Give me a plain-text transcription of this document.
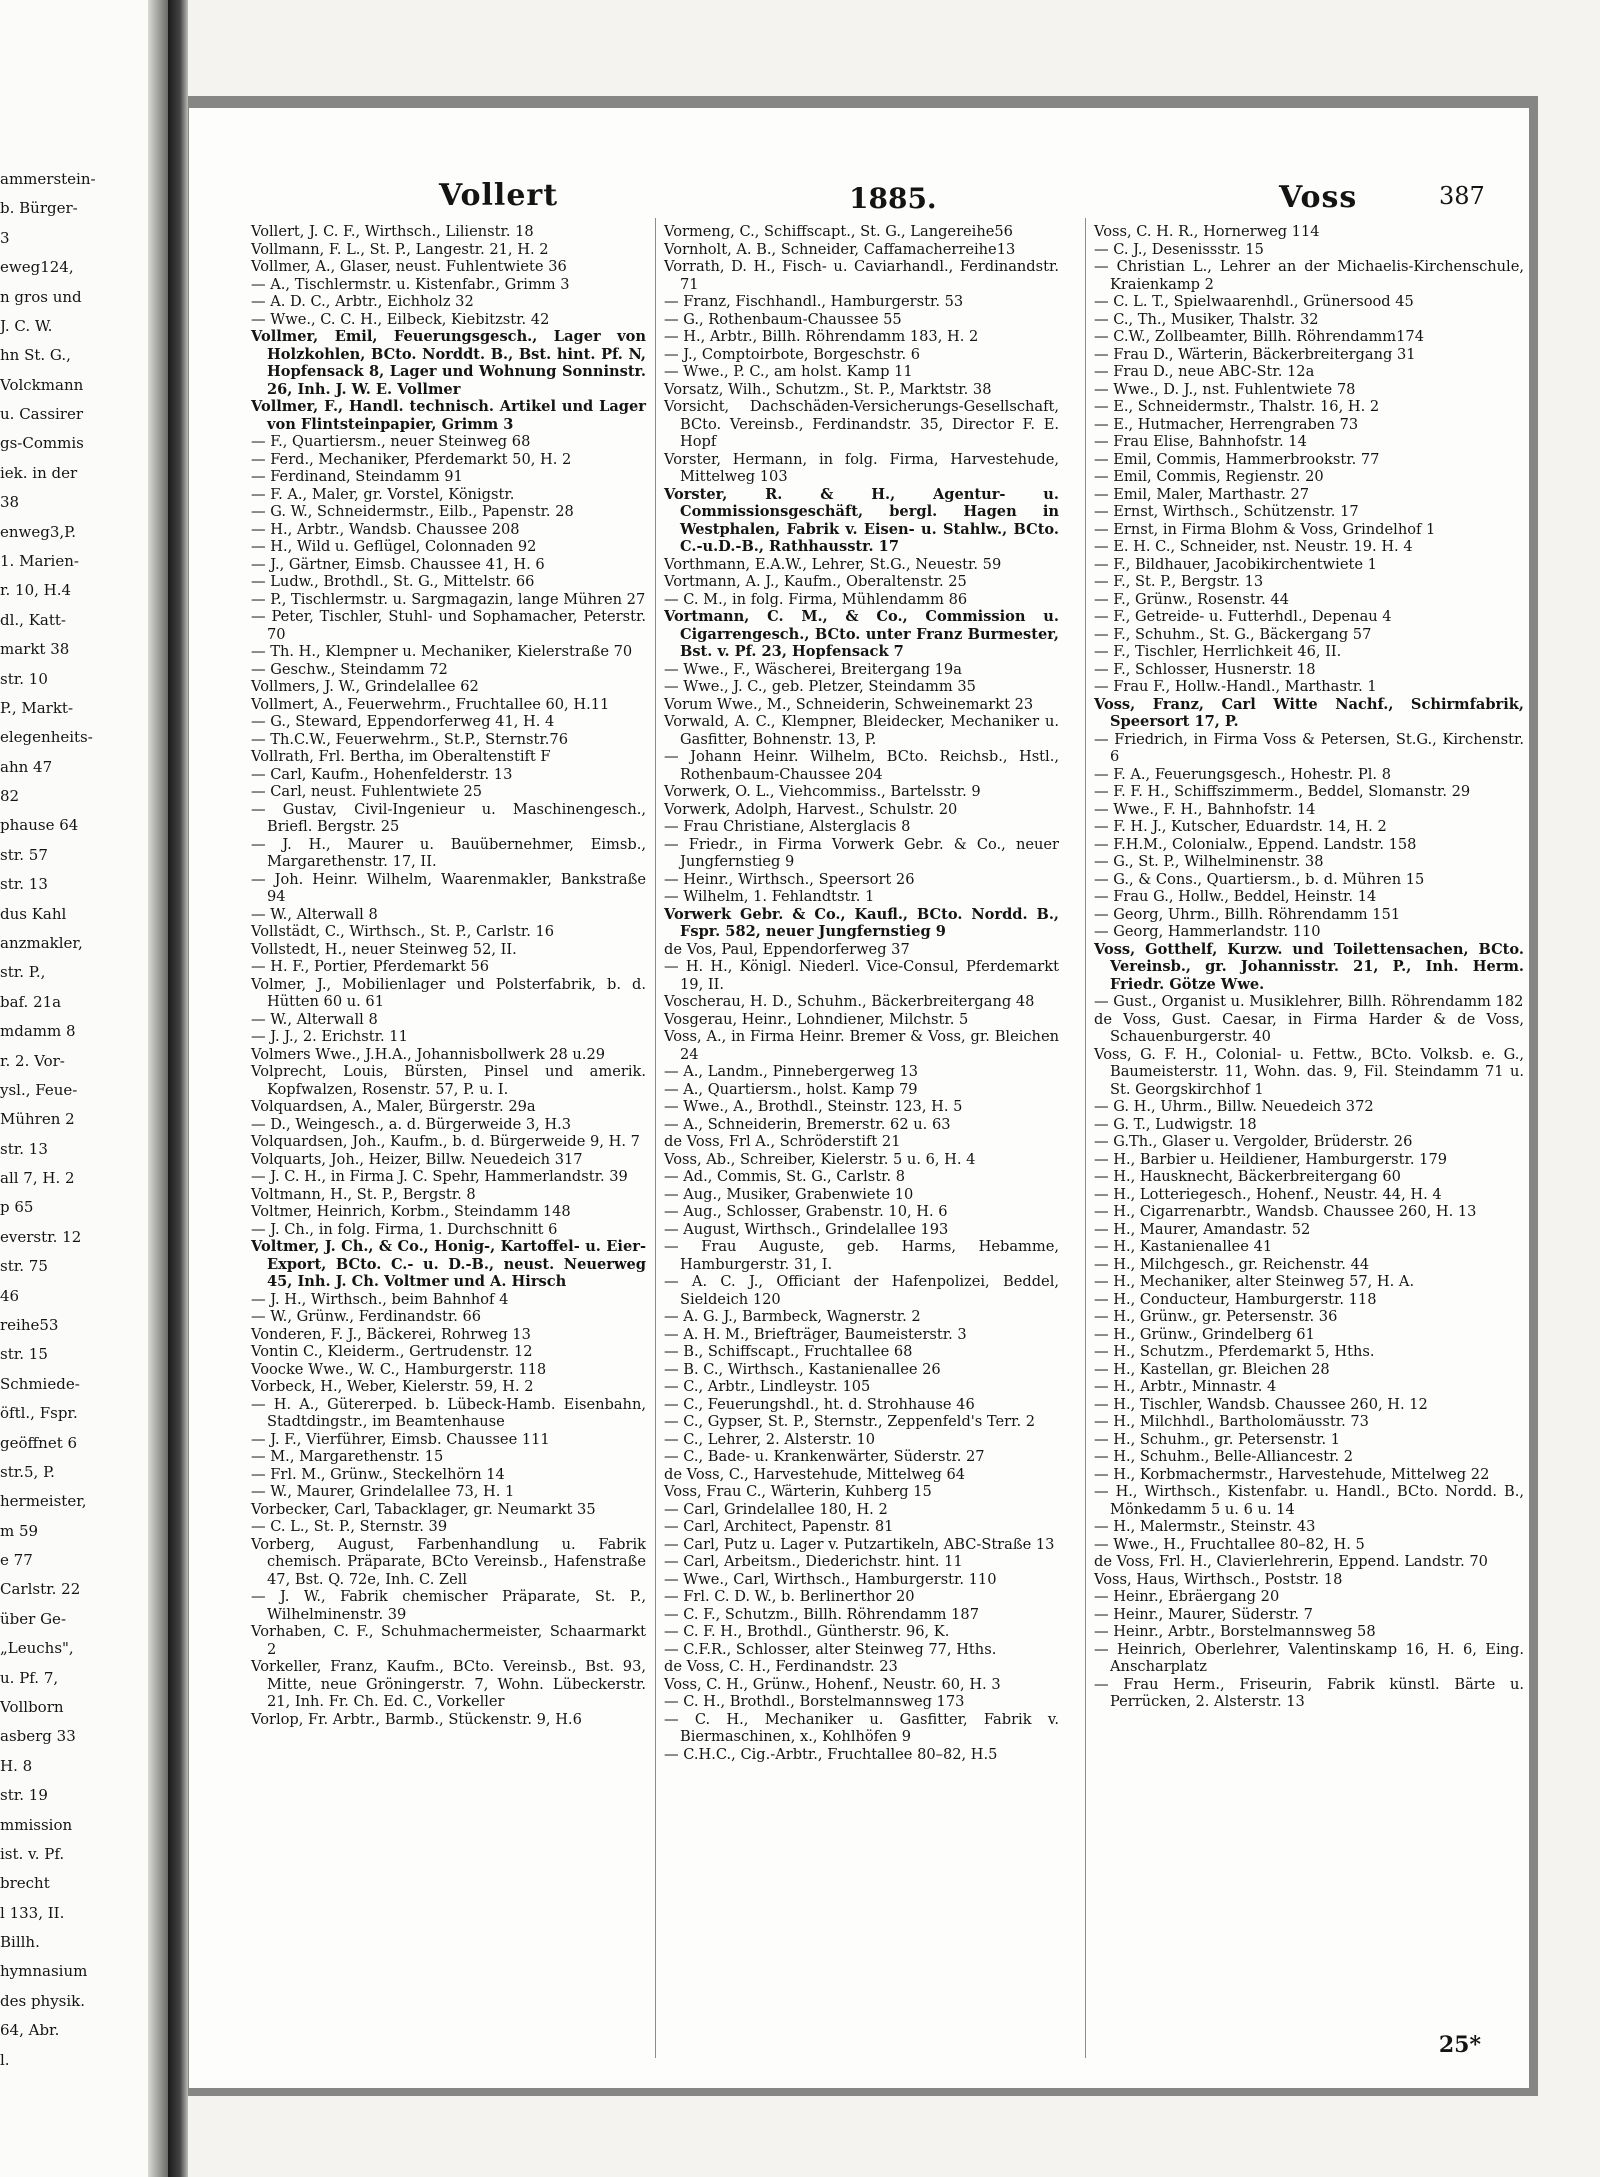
ammerstein-
b. Bürger-
3
eweg124,
n gros und
J. C. W.
hn St. G.,
Volckmann
u. Cassirer
gs-Commis
iek. in der
38
enweg3,P.
1. Marien-
r. 10, H.4
dl., Katt-
markt 38
str. 10
P., Markt-
elegenheits-
ahn 47
82
phause 64
str. 57
str. 13
dus Kahl
anzmakler,
str. P.,
baf. 21a
mdamm 8
r. 2. Vor-
ysl., Feue-
Mühren 2
str. 13
all 7, H. 2
p 65
everstr. 12
str. 75
46
reihe53
str. 15
Schmiede-
öftl., Fspr.
geöffnet 6
str.5, P.
hermeister,
m 59
e 77
Carlstr. 22
über Ge-
„Leuchs",
u. Pf. 7,
Vollborn
asberg 33
H. 8
str. 19
mmission
ist. v. Pf.
brecht
l 133, II.
Billh.
hymnasium
des physik.
64, Abr.
l.
Vollert	1885.	Voss	387

Vollert, J. C. F., Wirthsch., Lilienstr. 18

Vollmann, F. L., St. P., Langestr. 21, H. 2

Vollmer, A., Glaser, neust. Fuhlentwiete 36

— A., Tischlermstr. u. Kistenfabr., Grimm 3

— A. D. C., Arbtr., Eichholz 32

— Wwe., C. C. H., Eilbeck, Kiebitzstr. 42

Vollmer, Emil, Feuerungsgesch., Lager von Holzkohlen, BCto. Norddt. B., Bst. hint. Pf. N, Hopfensack 8, Lager und Wohnung Sonninstr. 26, Inh. J. W. E. Vollmer

Vollmer, F., Handl. technisch. Artikel und Lager von Flintsteinpapier, Grimm 3

— F., Quartiersm., neuer Steinweg 68

— Ferd., Mechaniker, Pferdemarkt 50, H. 2

— Ferdinand, Steindamm 91

— F. A., Maler, gr. Vorstel, Königstr.

— G. W., Schneidermstr., Eilb., Papenstr. 28

— H., Arbtr., Wandsb. Chaussee 208

— H., Wild u. Geflügel, Colonnaden 92

— J., Gärtner, Eimsb. Chaussee 41, H. 6

— Ludw., Brothdl., St. G., Mittelstr. 66

— P., Tischlermstr. u. Sargmagazin, lange Mühren 27

— Peter, Tischler, Stuhl- und Sophamacher, Peterstr. 70

— Th. H., Klempner u. Mechaniker, Kielerstraße 70

— Geschw., Steindamm 72

Vollmers, J. W., Grindelallee 62

Vollmert, A., Feuerwehrm., Fruchtallee 60, H.11

— G., Steward, Eppendorferweg 41, H. 4

— Th.C.W., Feuerwehrm., St.P., Sternstr.76

Vollrath, Frl. Bertha, im Oberaltenstift F

— Carl, Kaufm., Hohenfelderstr. 13

— Carl, neust. Fuhlentwiete 25

— Gustav, Civil-Ingenieur u. Maschinengesch., Briefl. Bergstr. 25

— J. H., Maurer u. Bauübernehmer, Eimsb., Margarethenstr. 17, II.

— Joh. Heinr. Wilhelm, Waarenmakler, Bankstraße 94

— W., Alterwall 8

Vollstädt, C., Wirthsch., St. P., Carlstr. 16

Vollstedt, H., neuer Steinweg 52, II.

— H. F., Portier, Pferdemarkt 56

Volmer, J., Mobilienlager und Polsterfabrik, b. d. Hütten 60 u. 61

— W., Alterwall 8

— J. J., 2. Erichstr. 11

Volmers Wwe., J.H.A., Johannisbollwerk 28 u.29

Volprecht, Louis, Bürsten, Pinsel und amerik. Kopfwalzen, Rosenstr. 57, P. u. I.

Volquardsen, A., Maler, Bürgerstr. 29a

— D., Weingesch., a. d. Bürgerweide 3, H.3

Volquardsen, Joh., Kaufm., b. d. Bürgerweide 9, H. 7

Volquarts, Joh., Heizer, Billw. Neuedeich 317

— J. C. H., in Firma J. C. Spehr, Hammerlandstr. 39

Voltmann, H., St. P., Bergstr. 8

Voltmer, Heinrich, Korbm., Steindamm 148

— J. Ch., in folg. Firma, 1. Durchschnitt 6

Voltmer, J. Ch., & Co., Honig-, Kartoffel- u. Eier-Export, BCto. C.- u. D.-B., neust. Neuerweg 45, Inh. J. Ch. Voltmer und A. Hirsch

— J. H., Wirthsch., beim Bahnhof 4

— W., Grünw., Ferdinandstr. 66

Vonderen, F. J., Bäckerei, Rohrweg 13

Vontin C., Kleiderm., Gertrudenstr. 12

Voocke Wwe., W. C., Hamburgerstr. 118

Vorbeck, H., Weber, Kielerstr. 59, H. 2

— H. A., Gütererped. b. Lübeck-Hamb. Eisenbahn, Stadtdingstr., im Beamtenhause

— J. F., Vierführer, Eimsb. Chaussee 111

— M., Margarethenstr. 15

— Frl. M., Grünw., Steckelhörn 14

— W., Maurer, Grindelallee 73, H. 1

Vorbecker, Carl, Tabacklager, gr. Neumarkt 35

— C. L., St. P., Sternstr. 39

Vorberg, August, Farbenhandlung u. Fabrik chemisch. Präparate, BCto Vereinsb., Hafenstraße 47, Bst. Q. 72e, Inh. C. Zell

— J. W., Fabrik chemischer Präparate, St. P., Wilhelminenstr. 39

Vorhaben, C. F., Schuhmachermeister, Schaarmarkt 2

Vorkeller, Franz, Kaufm., BCto. Vereinsb., Bst. 93, Mitte, neue Gröningerstr. 7, Wohn. Lübeckerstr. 21, Inh. Fr. Ch. Ed. C., Vorkeller

Vorlop, Fr. Arbtr., Barmb., Stückenstr. 9, H.6

Vormeng, C., Schiffscapt., St. G., Langereihe56

Vornholt, A. B., Schneider, Caffamacherreihe13

Vorrath, D. H., Fisch- u. Caviarhandl., Ferdinandstr. 71

— Franz, Fischhandl., Hamburgerstr. 53

— G., Rothenbaum-Chaussee 55

— H., Arbtr., Billh. Röhrendamm 183, H. 2

— J., Comptoirbote, Borgeschstr. 6

— Wwe., P. C., am holst. Kamp 11

Vorsatz, Wilh., Schutzm., St. P., Marktstr. 38

Vorsicht, Dachschäden-Versicherungs-Gesellschaft, BCto. Vereinsb., Ferdinandstr. 35, Director F. E. Hopf

Vorster, Hermann, in folg. Firma, Harvestehude, Mittelweg 103

Vorster, R. & H., Agentur- u. Commissionsgeschäft, bergl. Hagen in Westphalen, Fabrik v. Eisen- u. Stahlw., BCto. C.-u.D.-B., Rathhausstr. 17

Vorthmann, E.A.W., Lehrer, St.G., Neuestr. 59

Vortmann, A. J., Kaufm., Oberaltenstr. 25

— C. M., in folg. Firma, Mühlendamm 86

Vortmann, C. M., & Co., Commission u. Cigarrengesch., BCto. unter Franz Burmester, Bst. v. Pf. 23, Hopfensack 7

— Wwe., F., Wäscherei, Breitergang 19a

— Wwe., J. C., geb. Pletzer, Steindamm 35

Vorum Wwe., M., Schneiderin, Schweinemarkt 23

Vorwald, A. C., Klempner, Bleidecker, Mechaniker u. Gasfitter, Bohnenstr. 13, P.

— Johann Heinr. Wilhelm, BCto. Reichsb., Hstl., Rothenbaum-Chaussee 204

Vorwerk, O. L., Viehcommiss., Bartelsstr. 9

Vorwerk, Adolph, Harvest., Schulstr. 20

— Frau Christiane, Alsterglacis 8

— Friedr., in Firma Vorwerk Gebr. & Co., neuer Jungfernstieg 9

— Heinr., Wirthsch., Speersort 26

— Wilhelm, 1. Fehlandtstr. 1

Vorwerk Gebr. & Co., Kaufl., BCto. Nordd. B., Fspr. 582, neuer Jungfernstieg 9

de Vos, Paul, Eppendorferweg 37

— H. H., Königl. Niederl. Vice-Consul, Pferdemarkt 19, II.

Voscherau, H. D., Schuhm., Bäckerbreitergang 48

Vosgerau, Heinr., Lohndiener, Milchstr. 5

Voss, A., in Firma Heinr. Bremer & Voss, gr. Bleichen 24

— A., Landm., Pinnebergerweg 13

— A., Quartiersm., holst. Kamp 79

— Wwe., A., Brothdl., Steinstr. 123, H. 5

— A., Schneiderin, Bremerstr. 62 u. 63

de Voss, Frl A., Schröderstift 21

Voss, Ab., Schreiber, Kielerstr. 5 u. 6, H. 4

— Ad., Commis, St. G., Carlstr. 8

— Aug., Musiker, Grabenwiete 10

— Aug., Schlosser, Grabenstr. 10, H. 6

— August, Wirthsch., Grindelallee 193

— Frau Auguste, geb. Harms, Hebamme, Hamburgerstr. 31, I.

— A. C. J., Officiant der Hafenpolizei, Beddel, Sieldeich 120

— A. G. J., Barmbeck, Wagnerstr. 2

— A. H. M., Briefträger, Baumeisterstr. 3

— B., Schiffscapt., Fruchtallee 68

— B. C., Wirthsch., Kastanienallee 26

— C., Arbtr., Lindleystr. 105

— C., Feuerungshdl., ht. d. Strohhause 46

— C., Gypser, St. P., Sternstr., Zeppenfeld's Terr. 2

— C., Lehrer, 2. Alsterstr. 10

— C., Bade- u. Krankenwärter, Süderstr. 27

de Voss, C., Harvestehude, Mittelweg 64

Voss, Frau C., Wärterin, Kuhberg 15

— Carl, Grindelallee 180, H. 2

— Carl, Architect, Papenstr. 81

— Carl, Putz u. Lager v. Putzartikeln, ABC-Straße 13

— Carl, Arbeitsm., Diederichstr. hint. 11

— Wwe., Carl, Wirthsch., Hamburgerstr. 110

— Frl. C. D. W., b. Berlinerthor 20

— C. F., Schutzm., Billh. Röhrendamm 187

— C. F. H., Brothdl., Güntherstr. 96, K.

— C.F.R., Schlosser, alter Steinweg 77, Hths.

de Voss, C. H., Ferdinandstr. 23

Voss, C. H., Grünw., Hohenf., Neustr. 60, H. 3

— C. H., Brothdl., Borstelmannsweg 173

— C. H., Mechaniker u. Gasfitter, Fabrik v. Biermaschinen, x., Kohlhöfen 9

— C.H.C., Cig.-Arbtr., Fruchtallee 80–82, H.5

Voss, C. H. R., Hornerweg 114

— C. J., Desenissstr. 15

— Christian L., Lehrer an der Michaelis-Kirchenschule, Kraienkamp 2

— C. L. T., Spielwaarenhdl., Grünersood 45

— C., Th., Musiker, Thalstr. 32

— C.W., Zollbeamter, Billh. Röhrendamm174

— Frau D., Wärterin, Bäckerbreitergang 31

— Frau D., neue ABC-Str. 12a

— Wwe., D. J., nst. Fuhlentwiete 78

— E., Schneidermstr., Thalstr. 16, H. 2

— E., Hutmacher, Herrengraben 73

— Frau Elise, Bahnhofstr. 14

— Emil, Commis, Hammerbrookstr. 77

— Emil, Commis, Regienstr. 20

— Emil, Maler, Marthastr. 27

— Ernst, Wirthsch., Schützenstr. 17

— Ernst, in Firma Blohm & Voss, Grindelhof 1

— E. H. C., Schneider, nst. Neustr. 19. H. 4

— F., Bildhauer, Jacobikirchentwiete 1

— F., St. P., Bergstr. 13

— F., Grünw., Rosenstr. 44

— F., Getreide- u. Futterhdl., Depenau 4

— F., Schuhm., St. G., Bäckergang 57

— F., Tischler, Herrlichkeit 46, II.

— F., Schlosser, Husnerstr. 18

— Frau F., Hollw.-Handl., Marthastr. 1

Voss, Franz, Carl Witte Nachf., Schirmfabrik, Speersort 17, P.

— Friedrich, in Firma Voss & Petersen, St.G., Kirchenstr. 6

— F. A., Feuerungsgesch., Hohestr. Pl. 8

— F. F. H., Schiffszimmerm., Beddel, Slomanstr. 29

— Wwe., F. H., Bahnhofstr. 14

— F. H. J., Kutscher, Eduardstr. 14, H. 2

— F.H.M., Colonialw., Eppend. Landstr. 158

— G., St. P., Wilhelminenstr. 38

— G., & Cons., Quartiersm., b. d. Mühren 15

— Frau G., Hollw., Beddel, Heinstr. 14

— Georg, Uhrm., Billh. Röhrendamm 151

— Georg, Hammerlandstr. 110

Voss, Gotthelf, Kurzw. und Toilettensachen, BCto. Vereinsb., gr. Johannisstr. 21, P., Inh. Herm. Friedr. Götze Wwe.

— Gust., Organist u. Musiklehrer, Billh. Röhrendamm 182

de Voss, Gust. Caesar, in Firma Harder & de Voss, Schauenburgerstr. 40

Voss, G. F. H., Colonial- u. Fettw., BCto. Volksb. e. G., Baumeisterstr. 11, Wohn. das. 9, Fil. Steindamm 71 u. St. Georgskirchhof 1

— G. H., Uhrm., Billw. Neuedeich 372

— G. T., Ludwigstr. 18

— G.Th., Glaser u. Vergolder, Brüderstr. 26

— H., Barbier u. Heildiener, Hamburgerstr. 179

— H., Hausknecht, Bäckerbreitergang 60

— H., Lotteriegesch., Hohenf., Neustr. 44, H. 4

— H., Cigarrenarbtr., Wandsb. Chaussee 260, H. 13

— H., Maurer, Amandastr. 52

— H., Kastanienallee 41

— H., Milchgesch., gr. Reichenstr. 44

— H., Mechaniker, alter Steinweg 57, H. A.

— H., Conducteur, Hamburgerstr. 118

— H., Grünw., gr. Petersenstr. 36

— H., Grünw., Grindelberg 61

— H., Schutzm., Pferdemarkt 5, Hths.

— H., Kastellan, gr. Bleichen 28

— H., Arbtr., Minnastr. 4

— H., Tischler, Wandsb. Chaussee 260, H. 12

— H., Milchhdl., Bartholomäusstr. 73

— H., Schuhm., gr. Petersenstr. 1

— H., Schuhm., Belle-Alliancestr. 2

— H., Korbmachermstr., Harvestehude, Mittelweg 22

— H., Wirthsch., Kistenfabr. u. Handl., BCto. Nordd. B., Mönkedamm 5 u. 6 u. 14

— H., Malermstr., Steinstr. 43

— Wwe., H., Fruchtallee 80–82, H. 5

de Voss, Frl. H., Clavierlehrerin, Eppend. Landstr. 70

Voss, Haus, Wirthsch., Poststr. 18

— Heinr., Ebräergang 20

— Heinr., Maurer, Süderstr. 7

— Heinr., Arbtr., Borstelmannsweg 58

— Heinrich, Oberlehrer, Valentinskamp 16, H. 6, Eing. Anscharplatz

— Frau Herm., Friseurin, Fabrik künstl. Bärte u. Perrücken, 2. Alsterstr. 13

25*
